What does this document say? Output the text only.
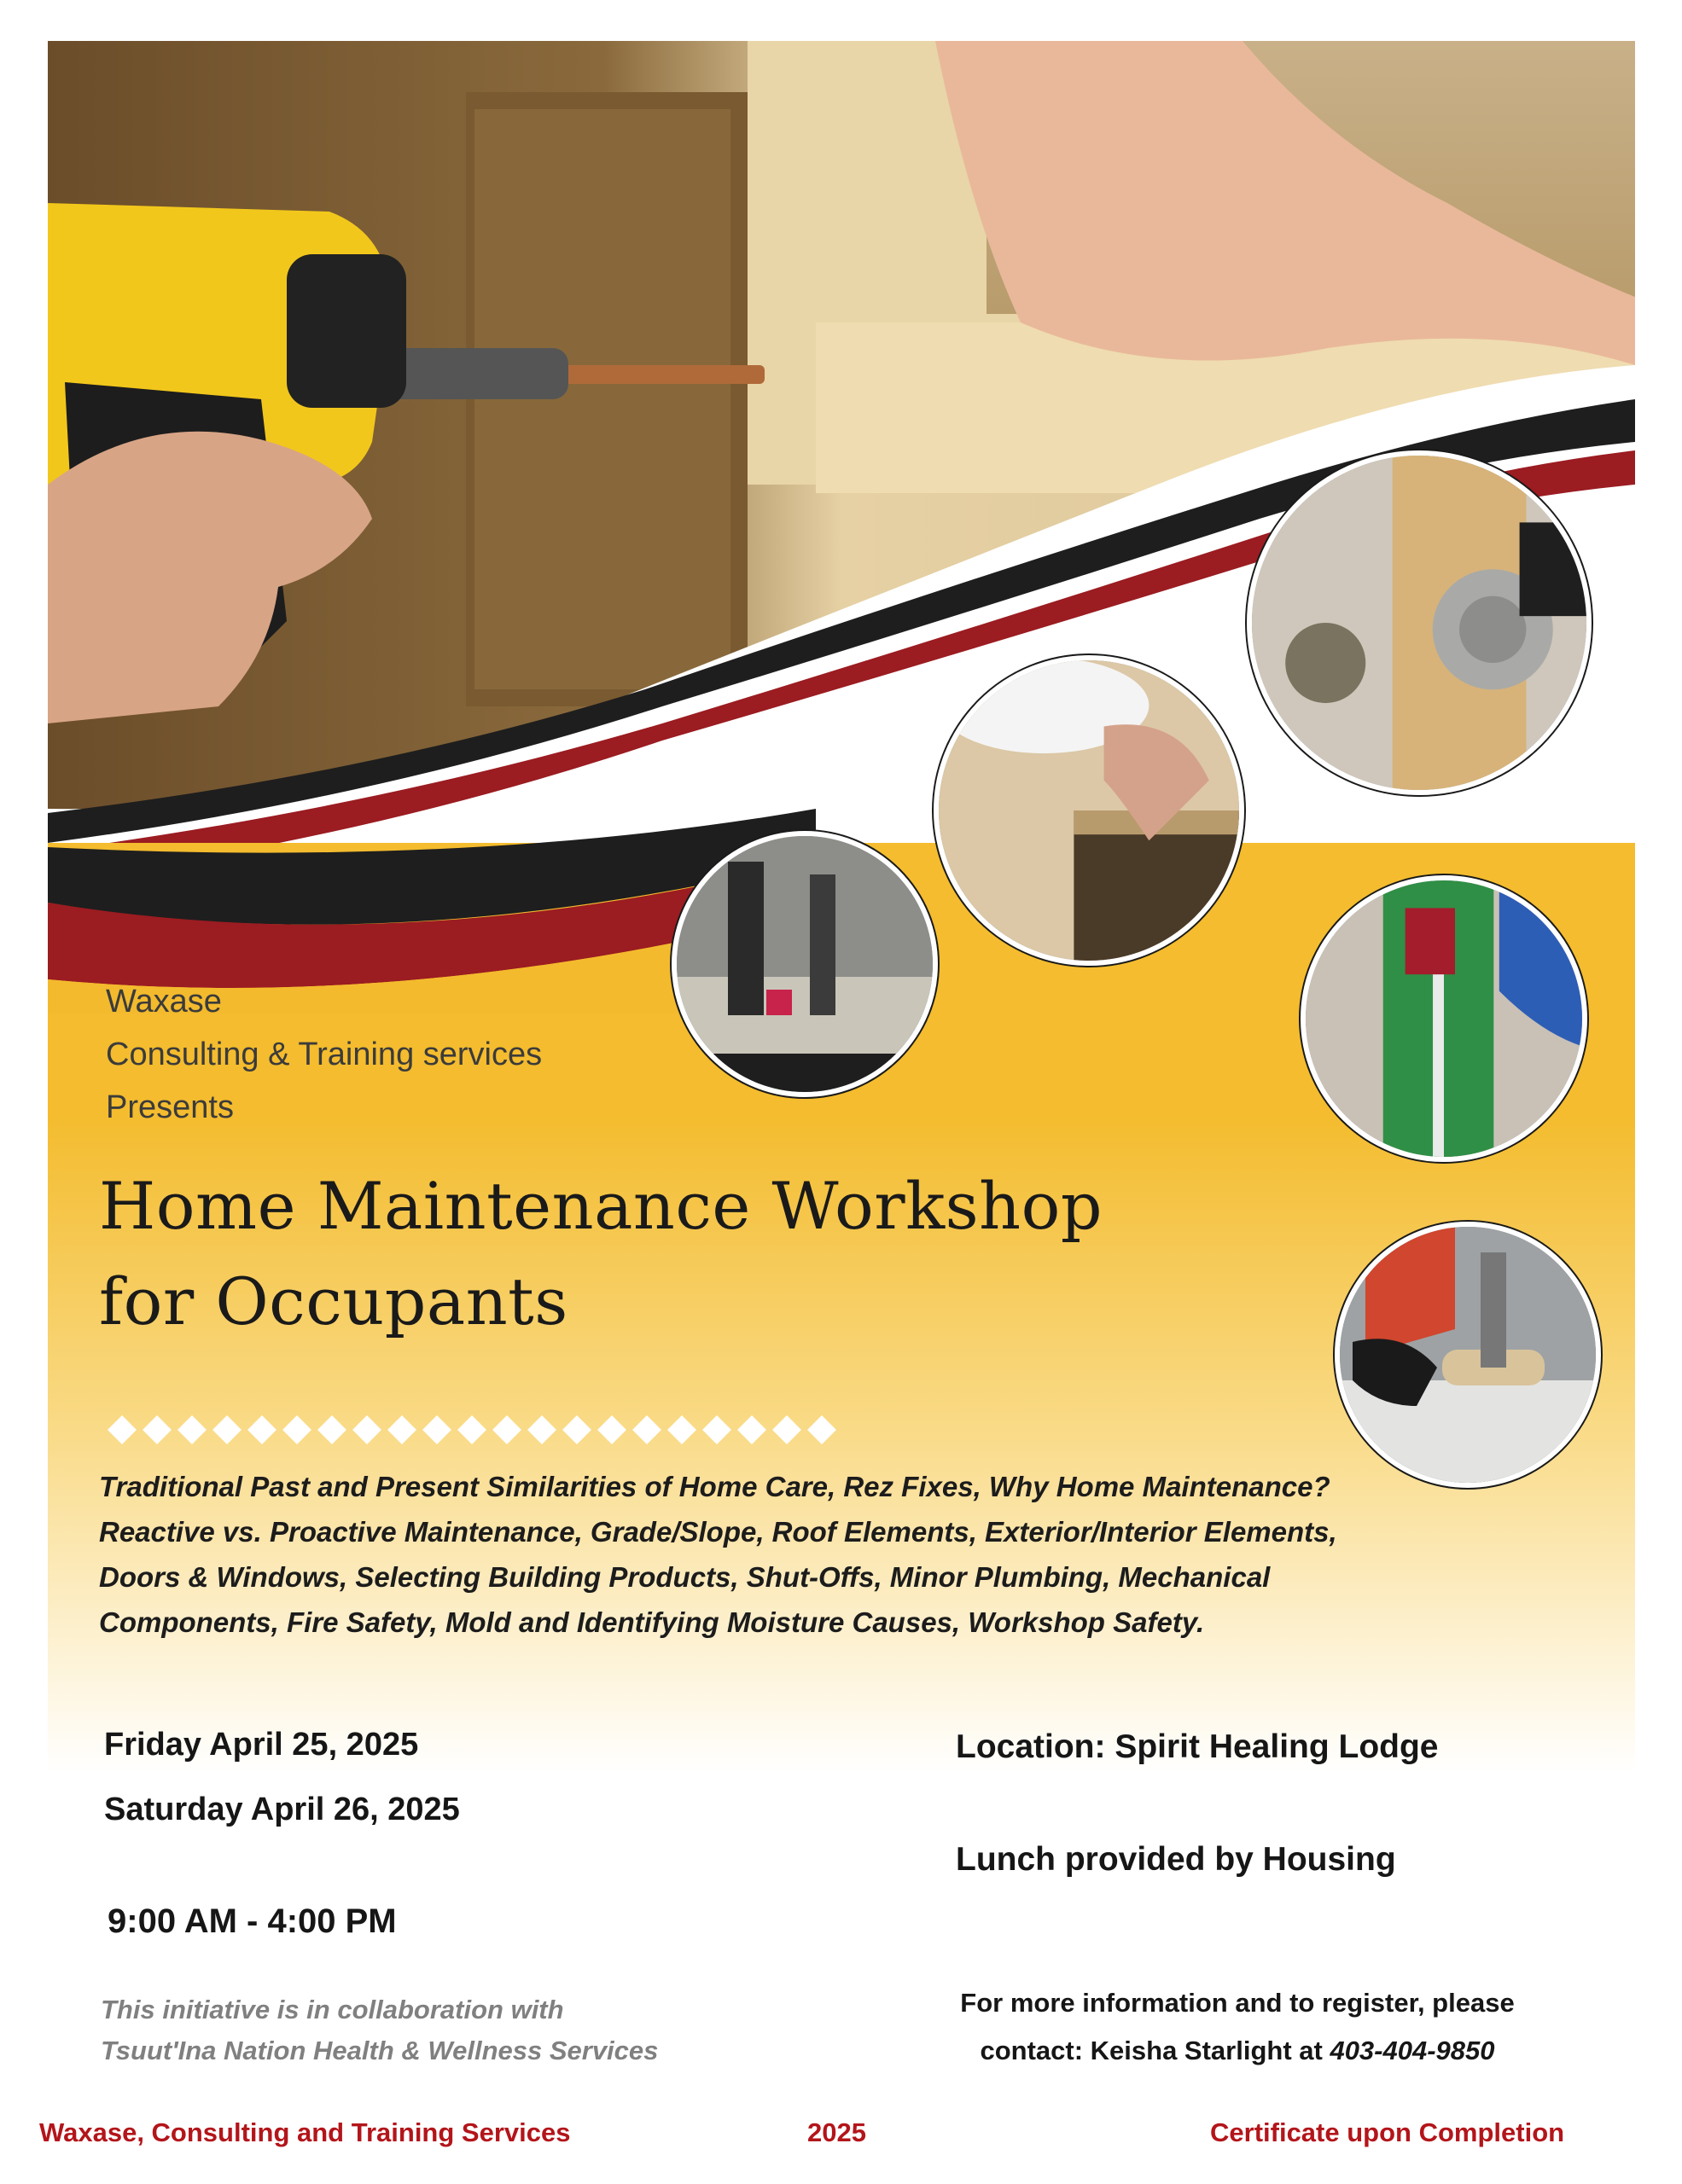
Waxase
Consulting & Training services
Presents
Home Maintenance Workshop
for Occupants
Traditional Past and Present Similarities of Home Care, Rez Fixes, Why Home Maintenance?
Reactive vs. Proactive Maintenance, Grade/Slope, Roof Elements, Exterior/Interior Elements,
Doors & Windows, Selecting Building Products, Shut-Offs, Minor Plumbing, Mechanical
Components, Fire Safety, Mold and Identifying Moisture Causes, Workshop Safety.
Friday April 25, 2025
Saturday April 26, 2025
9:00 AM - 4:00 PM
Location: Spirit Healing Lodge
Lunch provided by Housing
This initiative is in collaboration with
Tsuut'Ina Nation Health & Wellness Services
For more information and to register, please
contact: Keisha Starlight at 403-404-9850
Waxase, Consulting and Training Services	2025	Certificate upon Completion
